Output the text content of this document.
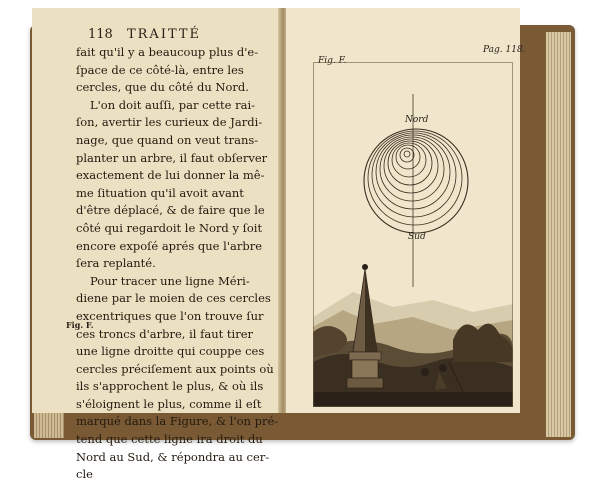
118 TRAITTÉ
fait qu'il y a beaucoup plus d'e-
ſpace de ce côté-là, entre les
cercles, que du côté du Nord.
L'on doit auſſi, par cette rai-
ſon, avertir les curieux de Jardi-
nage, que quand on veut trans-
planter un arbre, il faut obſerver
exactement de lui donner la mê-
me ſituation qu'il avoit avant
d'être déplacé, & de faire que le
côté qui regardoit le Nord y ſoit
encore expoſé aprés que l'arbre
ſera replanté.
Pour tracer une ligne Méri-
diene par le moien de ces cercles
excentriques que l'on trouve ſur
ces troncs d'arbre, il faut tirer
une ligne droitte qui couppe ces
cercles préciſement aux points où
ils s'approchent le plus, & où ils
s'éloignent le plus, comme il eſt
marqué dans la Figure, & l'on pré-
tend que cette ligne ira droit du
Nord au Sud, & répondra au cer-
cle
Fig. F.
Fig. F.
Pag. 118.
Nord
Sud
